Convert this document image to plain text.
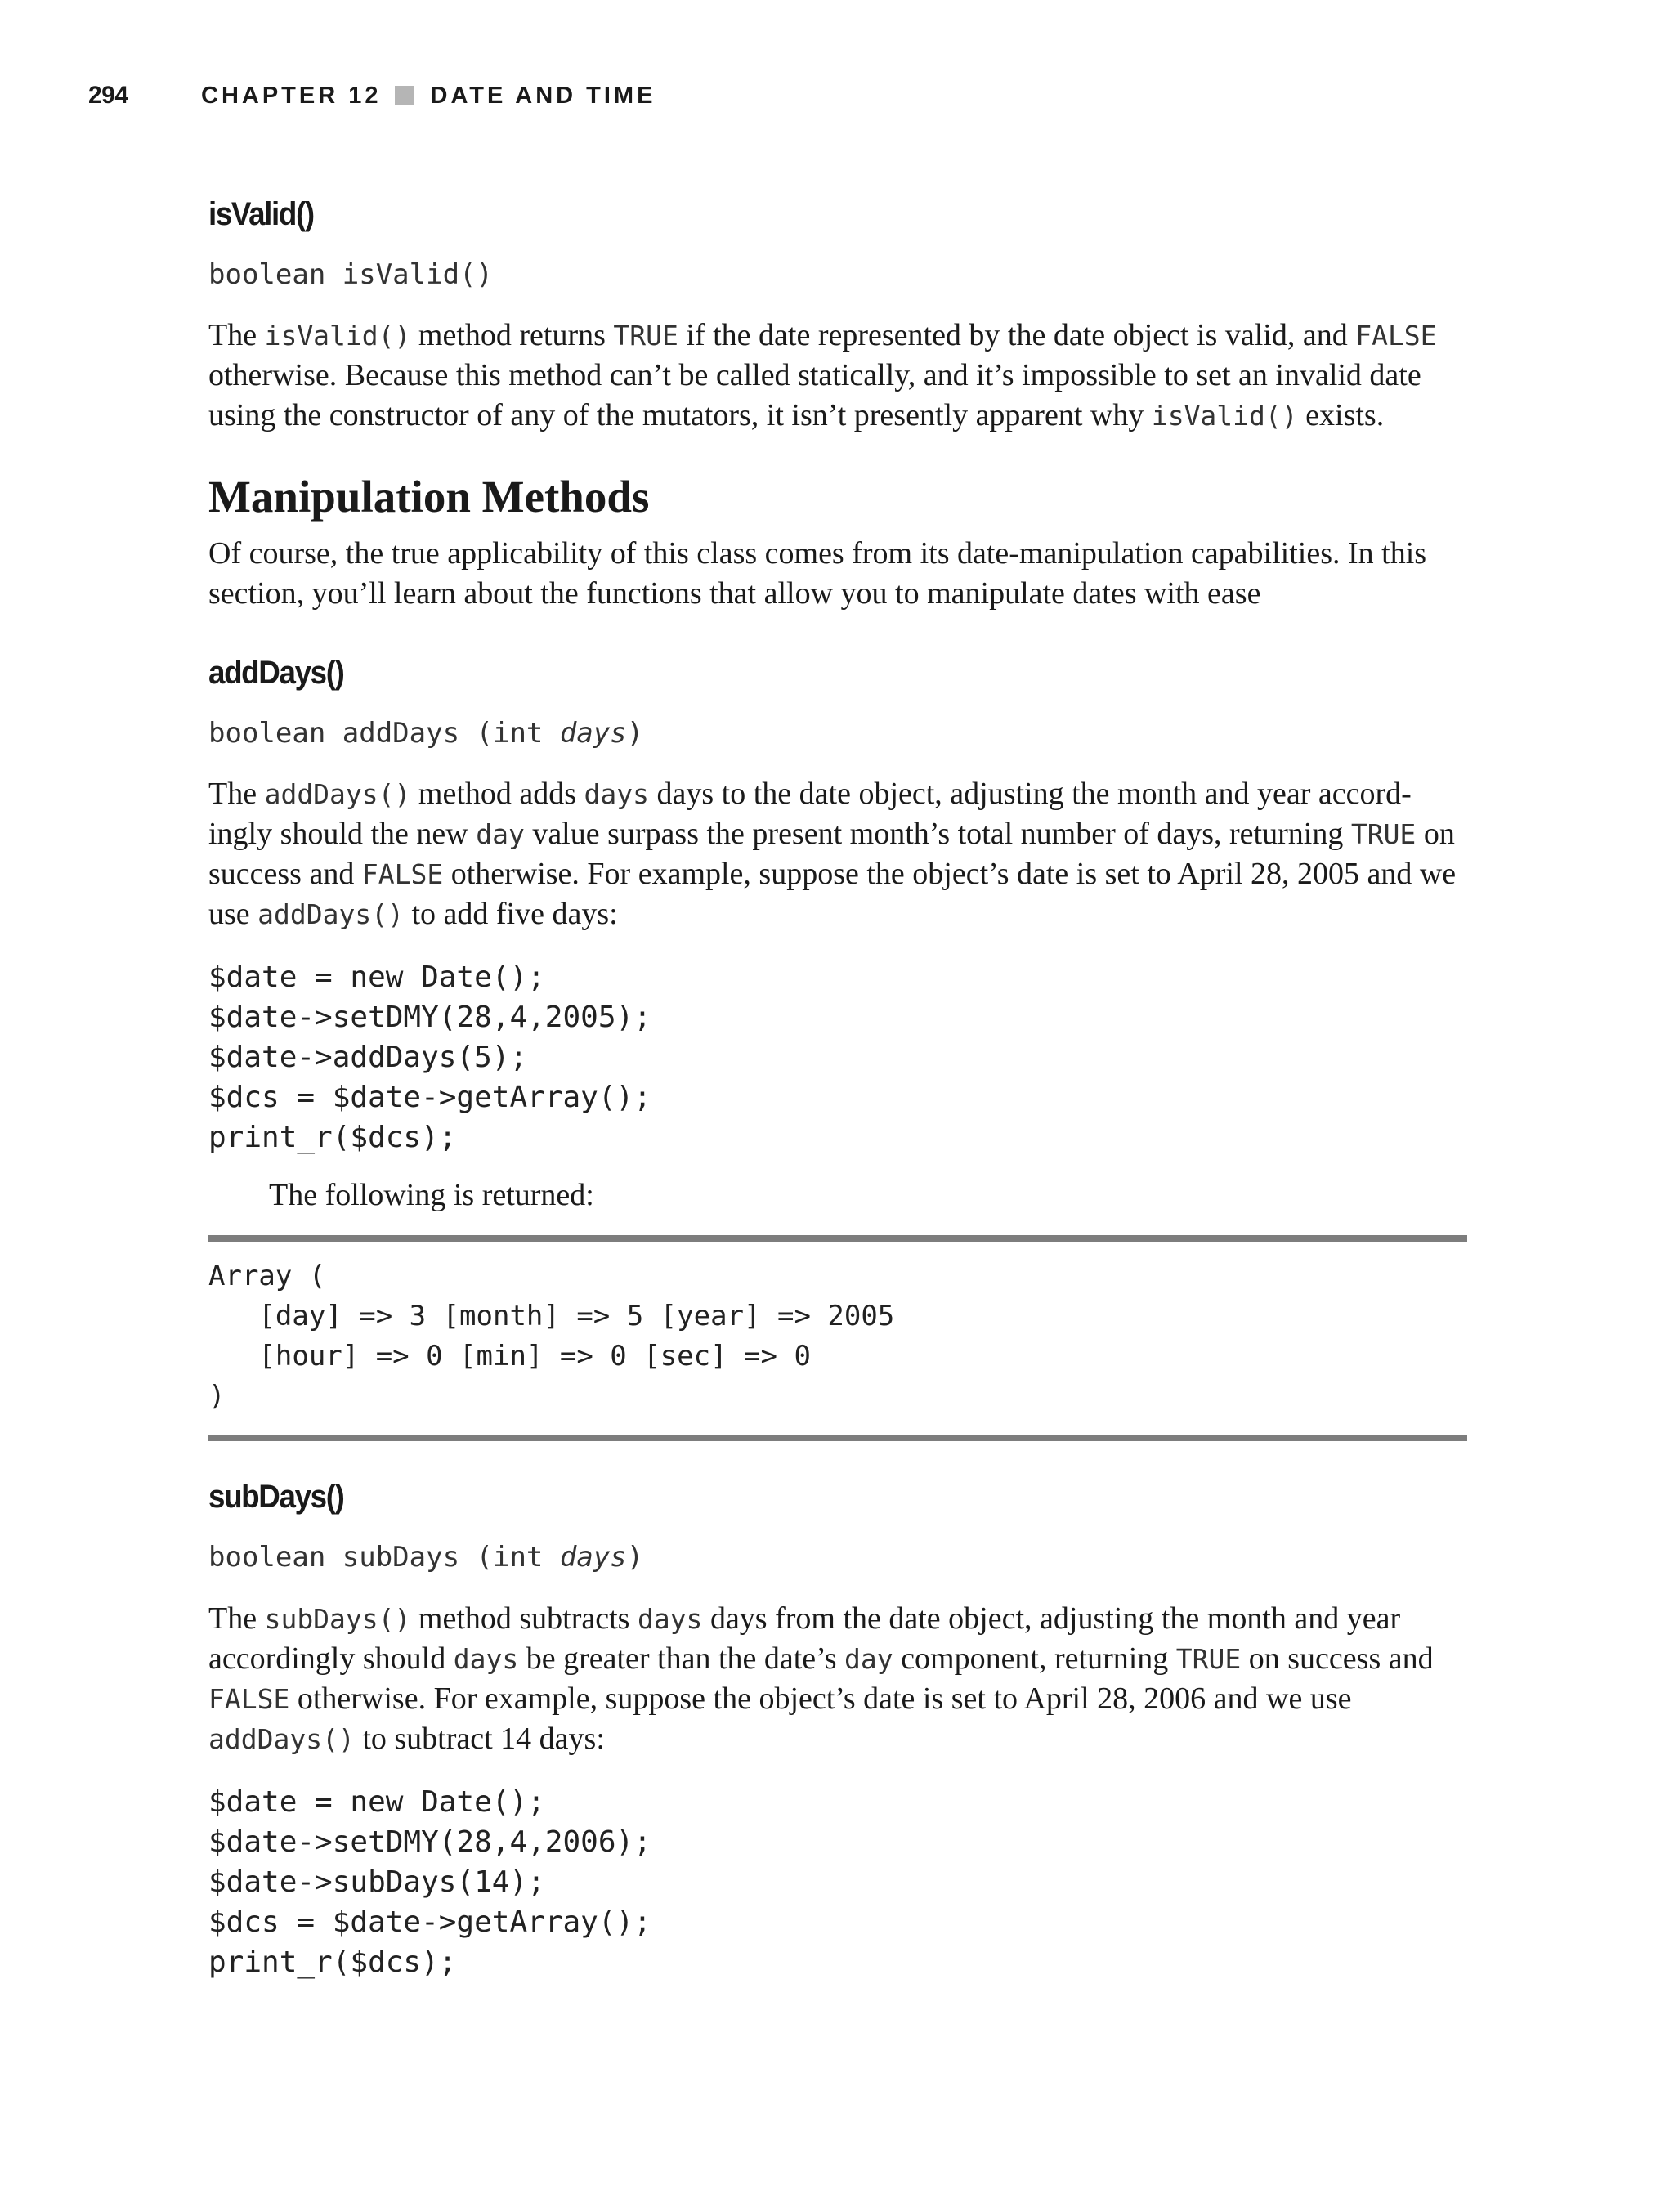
294	CHAPTER 12 DATE AND TIME
isValid()

boolean isValid()

The isValid() method returns TRUE if the date represented by the date object is valid, and FALSE otherwise. Because this method can’t be called statically, and it’s impossible to set an invalid date using the constructor of any of the mutators, it isn’t presently apparent why isValid() exists.

Manipulation Methods

Of course, the true applicability of this class comes from its date-manipulation capabilities. In this section, you’ll learn about the functions that allow you to manipulate dates with ease

addDays()

boolean addDays (int days)

The addDays() method adds days days to the date object, adjusting the month and year accord-ingly should the new day value surpass the present month’s total number of days, returning TRUE on success and FALSE otherwise. For example, suppose the object’s date is set to April 28, 2005 and we use addDays() to add five days:

$date = new Date();
$date->setDMY(28,4,2005);
$date->addDays(5);
$dcs = $date->getArray();
print_r($dcs);

The following is returned:

Array (
[day] => 3 [month] => 5 [year] => 2005
[hour] => 0 [min] => 0 [sec] => 0
)
subDays()

boolean subDays (int days)

The subDays() method subtracts days days from the date object, adjusting the month and year accordingly should days be greater than the date’s day component, returning TRUE on success and FALSE otherwise. For example, suppose the object’s date is set to April 28, 2006 and we use addDays() to subtract 14 days:

$date = new Date();
$date->setDMY(28,4,2006);
$date->subDays(14);
$dcs = $date->getArray();
print_r($dcs);
